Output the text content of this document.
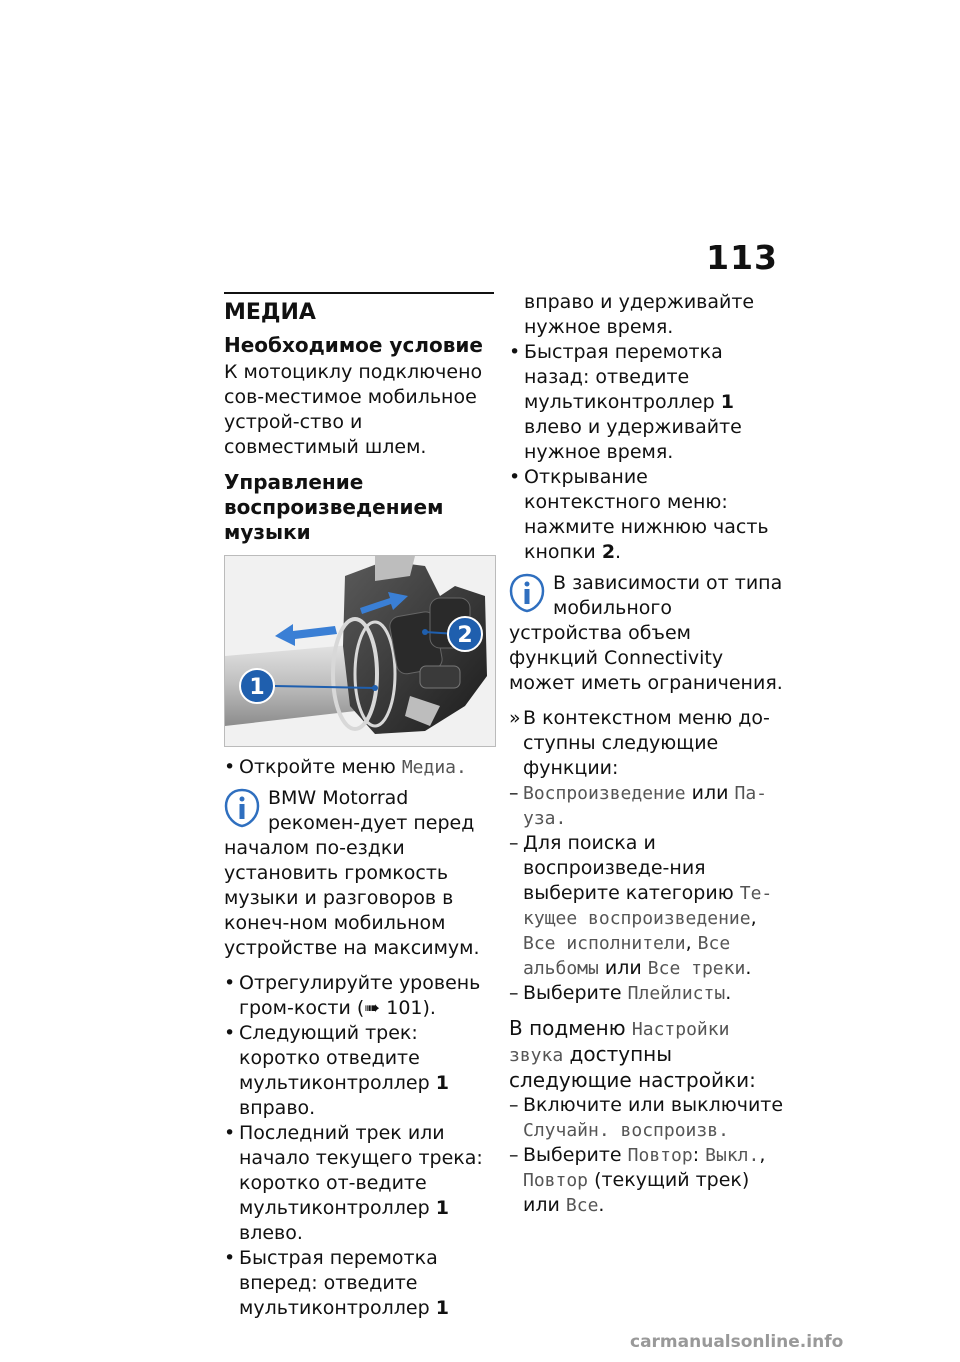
113
МЕДИА
Необходимое условие

К мотоциклу подключено сов-местимое мобильное устрой-ство и совместимый шлем.

Управление воспроизведением музыки
1
2

• Откройте меню Медиа.

BMW Motorrad рекомен-дует перед началом по-ездки установить громкость музыки и разговоров в конеч-ном мобильном устройстве на максимум.

• Отрегулируйте уровень гром-кости (➠ 101).

• Следующий трек: коротко отведите мультиконтроллер 1 вправо.

• Последний трек или начало текущего трека: коротко от-ведите мультиконтроллер 1 влево.

• Быстрая перемотка вперед: отведите мультиконтроллер 1

вправо и удерживайте нужное время.

• Быстрая перемотка назад: отведите мультиконтроллер 1 влево и удерживайте нужное время.

• Открывание контекстного меню: нажмите нижнюю часть кнопки 2.

В зависимости от типа мобильного устройства объем функций Connectivity может иметь ограничения.

» В контекстном меню до-ступны следующие функции:

– Воспроизведение или Па-уза.

– Для поиска и воспроизведе-ния выберите категорию Те-кущее воспроизведение, Все исполнители, Все альбомы или Все треки.

– Выберите Плейлисты.

В подменю Настройки звука доступны следующие настройки:

– Включите или выключите Случайн. воспроизв.

– Выберите Повтор: Выкл., Повтор (текущий трек) или Все.

carmanualsonline.info
